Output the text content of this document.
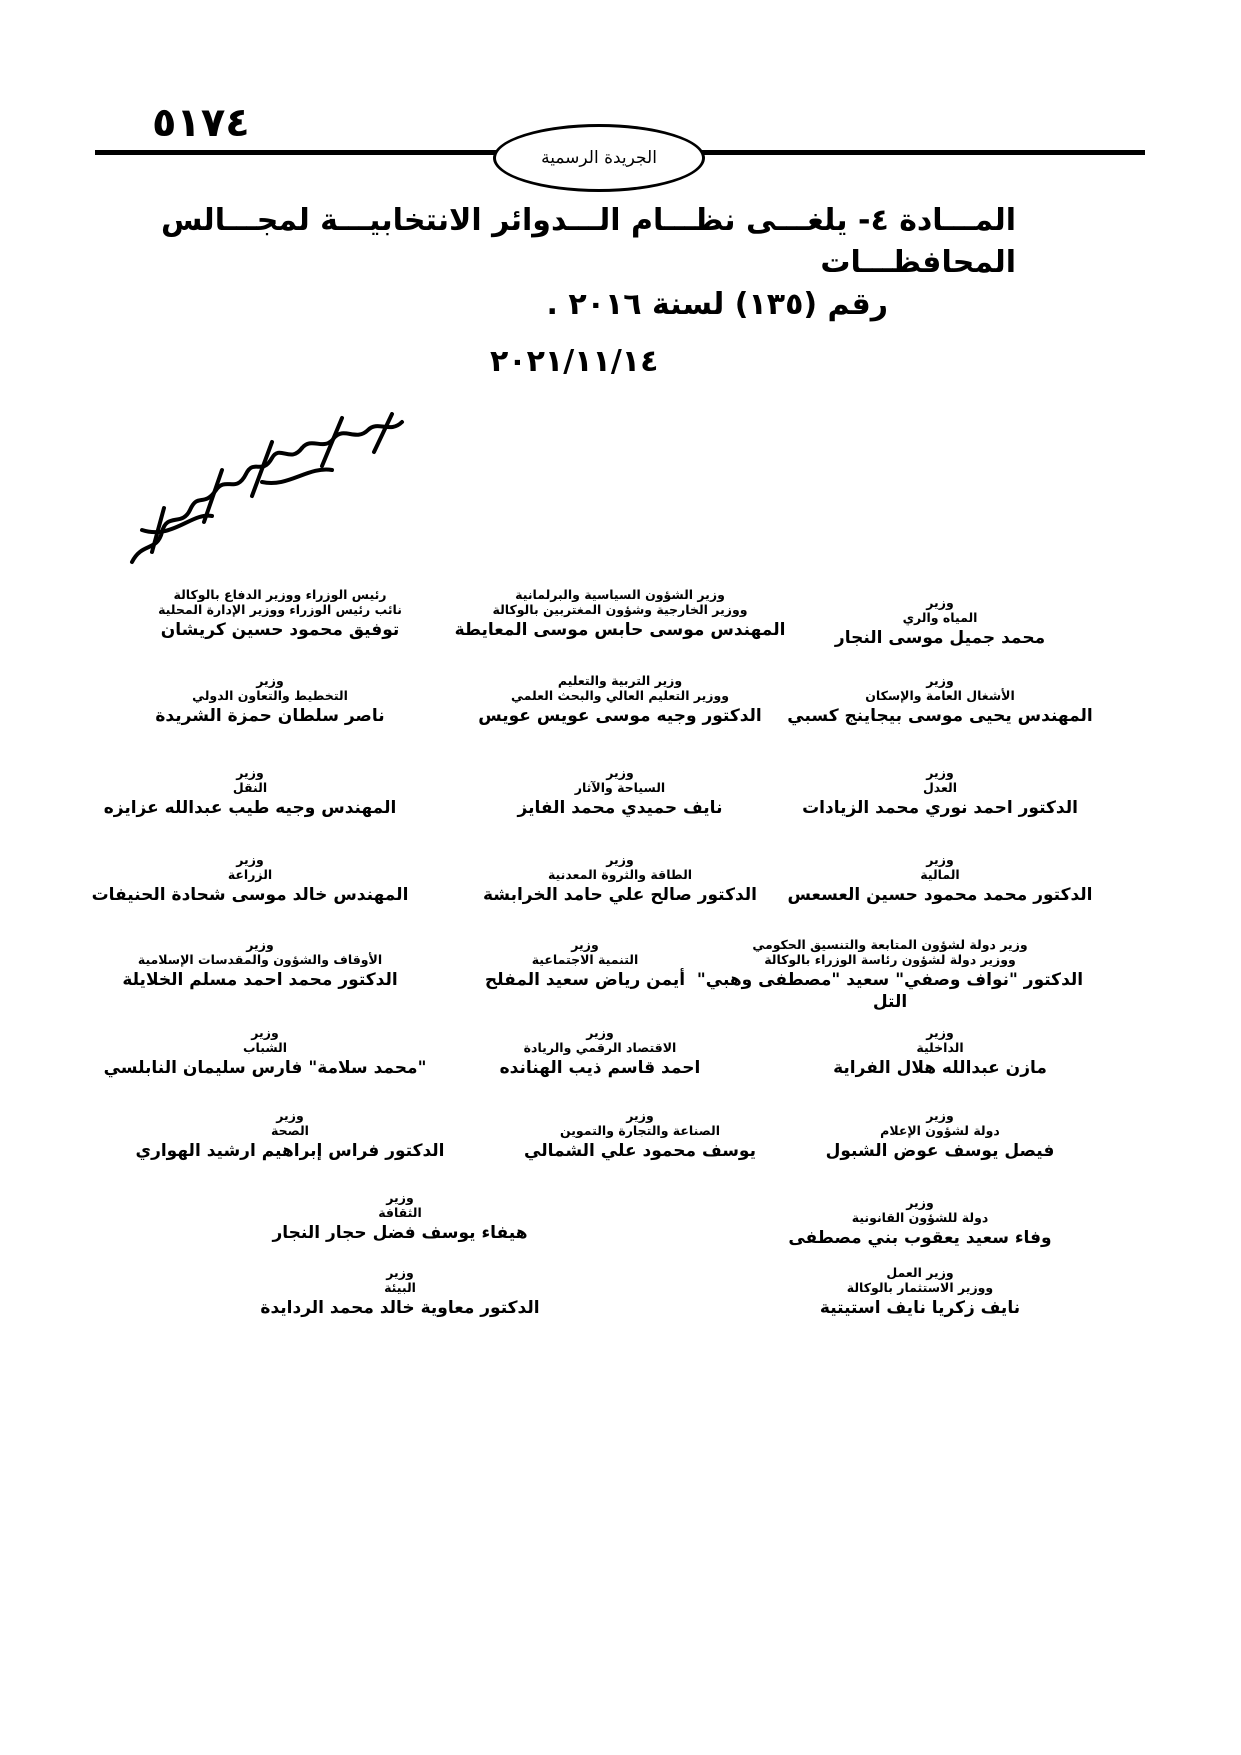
٥١٧٤
الجريدة الرسمية
المـــادة ٤- يلغـــى نظـــام الـــدوائر الانتخابيـــة لمجـــالس المحافظـــات
رقم (١٣٥) لسنة ٢٠١٦ .
٢٠٢١/١١/١٤
وزير
المياه والري
محمد جميل موسى النجار
وزير الشؤون السياسية والبرلمانية
ووزير الخارجية وشؤون المغتربين بالوكالة
المهندس موسى حابس موسى المعايطة
رئيس الوزراء ووزير الدفاع بالوكالة
نائب رئيس الوزراء ووزير الإدارة المحلية
توفيق محمود حسين كريشان
وزير
الأشغال العامة والإسكان
المهندس يحيى موسى بيجاينج كسبي
وزير التربية والتعليم
ووزير التعليم العالي والبحث العلمي
الدكتور وجيه موسى عويس عويس
وزير
التخطيط والتعاون الدولي
ناصر سلطان حمزة الشريدة
وزير
العدل
الدكتور احمد نوري محمد الزيادات
وزير
السياحة والآثار
نايف حميدي محمد الفايز
وزير
النقل
المهندس وجيه طيب عبدالله عزايزه
وزير
المالية
الدكتور محمد محمود حسين العسعس
وزير
الطاقة والثروة المعدنية
الدكتور صالح علي حامد الخرابشة
وزير
الزراعة
المهندس خالد موسى شحادة الحنيفات
وزير دولة لشؤون المتابعة والتنسيق الحكومي
ووزير دولة لشؤون رئاسة الوزراء بالوكالة
الدكتور "نواف وصفي" سعيد "مصطفى وهبي" التل
وزير
التنمية الاجتماعية
أيمن رياض سعيد المفلح
وزير
الأوقاف والشؤون والمقدسات الإسلامية
الدكتور محمد احمد مسلم الخلايلة
وزير
الداخلية
مازن عبدالله هلال الفراية
وزير
الاقتصاد الرقمي والريادة
احمد قاسم ذيب الهنانده
وزير
الشباب
"محمد سلامة" فارس سليمان النابلسي
وزير
دولة لشؤون الإعلام
فيصل يوسف عوض الشبول
وزير
الصناعة والتجارة والتموين
يوسف محمود علي الشمالي
وزير
الصحة
الدكتور فراس إبراهيم ارشيد الهواري
وزير
دولة للشؤون القانونية
وفاء سعيد يعقوب بني مصطفى
وزير
الثقافة
هيفاء يوسف فضل حجار النجار
وزير العمل
ووزير الاستثمار بالوكالة
نايف زكريا نايف استيتية
وزير
البيئة
الدكتور معاوية خالد محمد الردايدة
